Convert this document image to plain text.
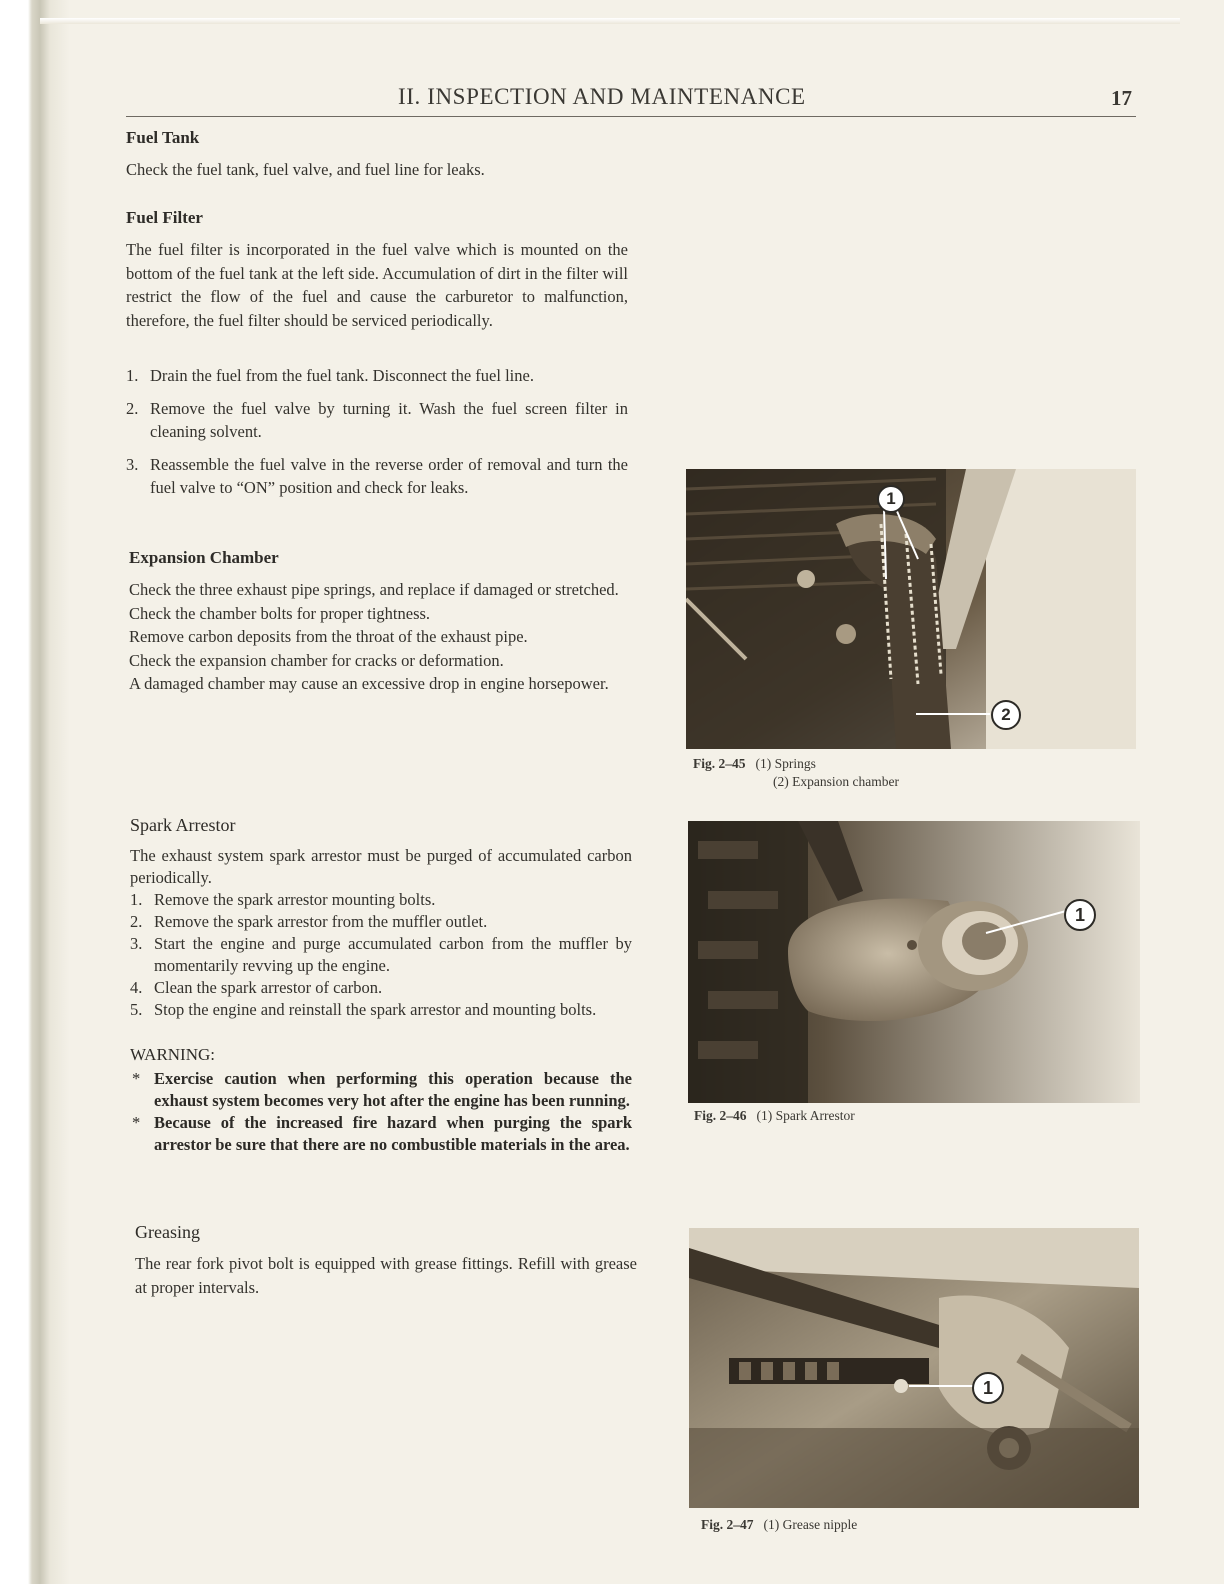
II. INSPECTION AND MAINTENANCE	17
Fuel Tank
Check the fuel tank, fuel valve, and fuel line for leaks.
Fuel Filter
The fuel filter is incorporated in the fuel valve which is mounted on the bottom of the fuel tank at the left side. Accumulation of dirt in the filter will restrict the flow of the fuel and cause the carburetor to malfunction, therefore, the fuel filter should be serviced periodically.
1. Drain the fuel from the fuel tank. Disconnect the fuel line.
2. Remove the fuel valve by turning it. Wash the fuel screen filter in cleaning solvent.
3. Reassemble the fuel valve in the reverse order of removal and turn the fuel valve to “ON” position and check for leaks.
Expansion Chamber

Check the three exhaust pipe springs, and replace if damaged or stretched.

Check the chamber bolts for proper tightness.

Remove carbon deposits from the throat of the exhaust pipe.

Check the expansion chamber for cracks or deformation.

A damaged chamber may cause an excessive drop in engine horsepower.

Spark Arrestor
The exhaust system spark arrestor must be purged of accumulated carbon periodically.
1. Remove the spark arrestor mounting bolts.
2. Remove the spark arrestor from the muffler outlet.
3. Start the engine and purge accumulated carbon from the muffler by momentarily revving up the engine.
4. Clean the spark arrestor of carbon.
5. Stop the engine and reinstall the spark arrestor and mounting bolts.
WARNING:
* Exercise caution when performing this operation because the exhaust system becomes very hot after the engine has been running.
* Because of the increased fire hazard when purging the spark arrestor be sure that there are no combustible materials in the area.
Greasing
The rear fork pivot bolt is equipped with grease fittings. Refill with grease at proper intervals.
1
2
Fig. 2–45 (1) Springs
(2) Expansion chamber
1
Fig. 2–46 (1) Spark Arrestor
1
Fig. 2–47 (1) Grease nipple
